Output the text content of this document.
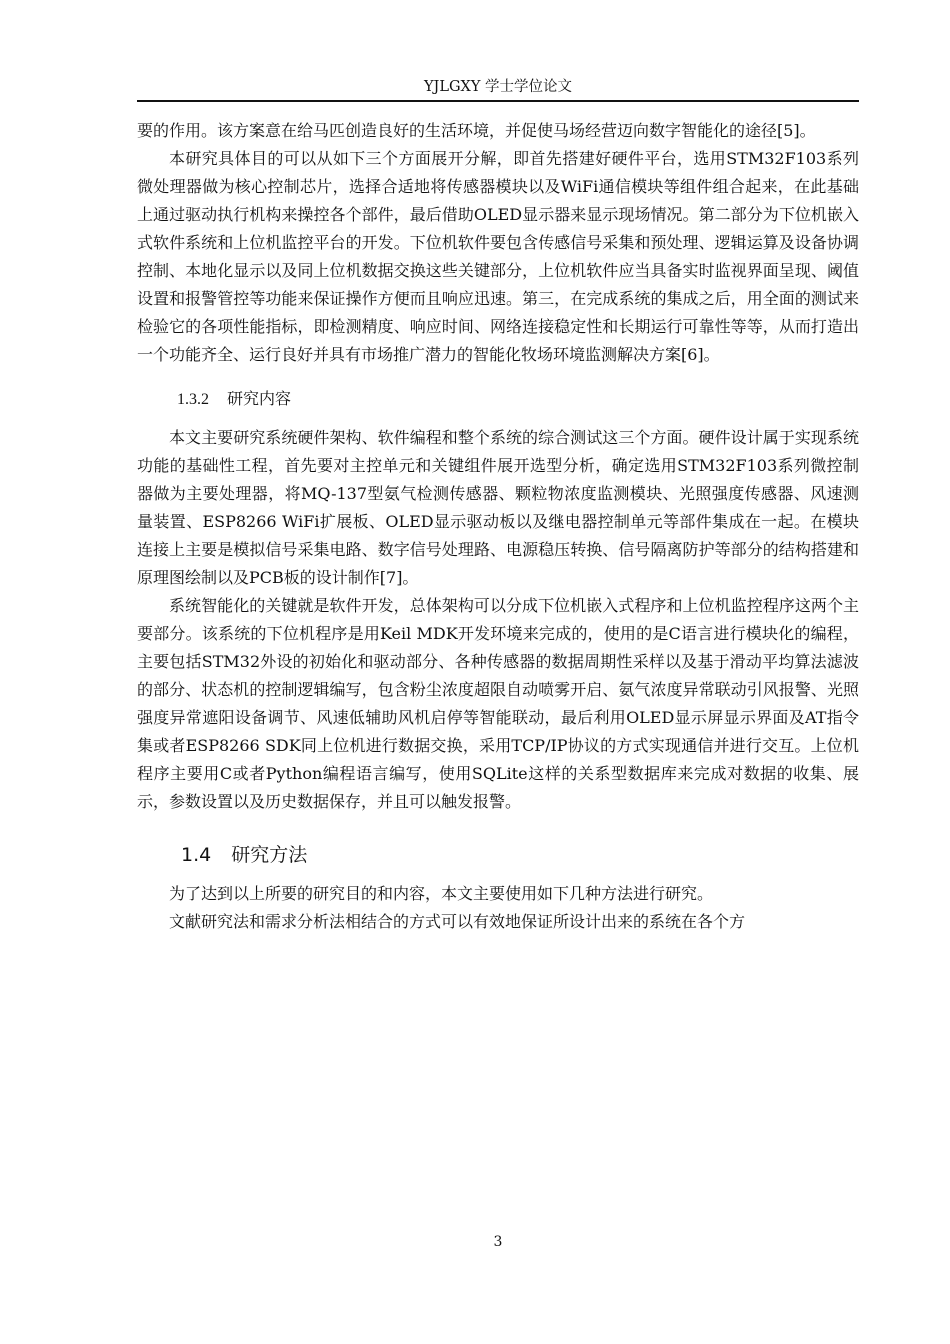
YJLGXY 学士学位论文

要的作用。该方案意在给马匹创造良好的生活环境，并促使马场经营迈向数字智能化的途径[5]。

本研究具体目的可以从如下三个方面展开分解，即首先搭建好硬件平台，选用STM32F103系列微处理器做为核心控制芯片，选择合适地将传感器模块以及WiFi通信模块等组件组合起来，在此基础上通过驱动执行机构来操控各个部件，最后借助OLED显示器来显示现场情况。第二部分为下位机嵌入式软件系统和上位机监控平台的开发。下位机软件要包含传感信号采集和预处理、逻辑运算及设备协调控制、本地化显示以及同上位机数据交换这些关键部分，上位机软件应当具备实时监视界面呈现、阈值设置和报警管控等功能来保证操作方便而且响应迅速。第三，在完成系统的集成之后，用全面的测试来检验它的各项性能指标，即检测精度、响应时间、网络连接稳定性和长期运行可靠性等等，从而打造出一个功能齐全、运行良好并具有市场推广潜力的智能化牧场环境监测解决方案[6]。

1.3.2 研究内容

本文主要研究系统硬件架构、软件编程和整个系统的综合测试这三个方面。硬件设计属于实现系统功能的基础性工程，首先要对主控单元和关键组件展开选型分析，确定选用STM32F103系列微控制器做为主要处理器，将MQ-137型氨气检测传感器、颗粒物浓度监测模块、光照强度传感器、风速测量装置、ESP8266 WiFi扩展板、OLED显示驱动板以及继电器控制单元等部件集成在一起。在模块连接上主要是模拟信号采集电路、数字信号处理路、电源稳压转换、信号隔离防护等部分的结构搭建和原理图绘制以及PCB板的设计制作[7]。

系统智能化的关键就是软件开发，总体架构可以分成下位机嵌入式程序和上位机监控程序这两个主要部分。该系统的下位机程序是用Keil MDK开发环境来完成的，使用的是C语言进行模块化的编程，主要包括STM32外设的初始化和驱动部分、各种传感器的数据周期性采样以及基于滑动平均算法滤波的部分、状态机的控制逻辑编写，包含粉尘浓度超限自动喷雾开启、氨气浓度异常联动引风报警、光照强度异常遮阳设备调节、风速低辅助风机启停等智能联动，最后利用OLED显示屏显示界面及AT指令集或者ESP8266 SDK同上位机进行数据交换，采用TCP/IP协议的方式实现通信并进行交互。上位机程序主要用C或者Python编程语言编写，使用SQLite这样的关系型数据库来完成对数据的收集、展示，参数设置以及历史数据保存，并且可以触发报警。

1.4 研究方法

为了达到以上所要的研究目的和内容，本文主要使用如下几种方法进行研究。

文献研究法和需求分析法相结合的方式可以有效地保证所设计出来的系统在各个方

3
